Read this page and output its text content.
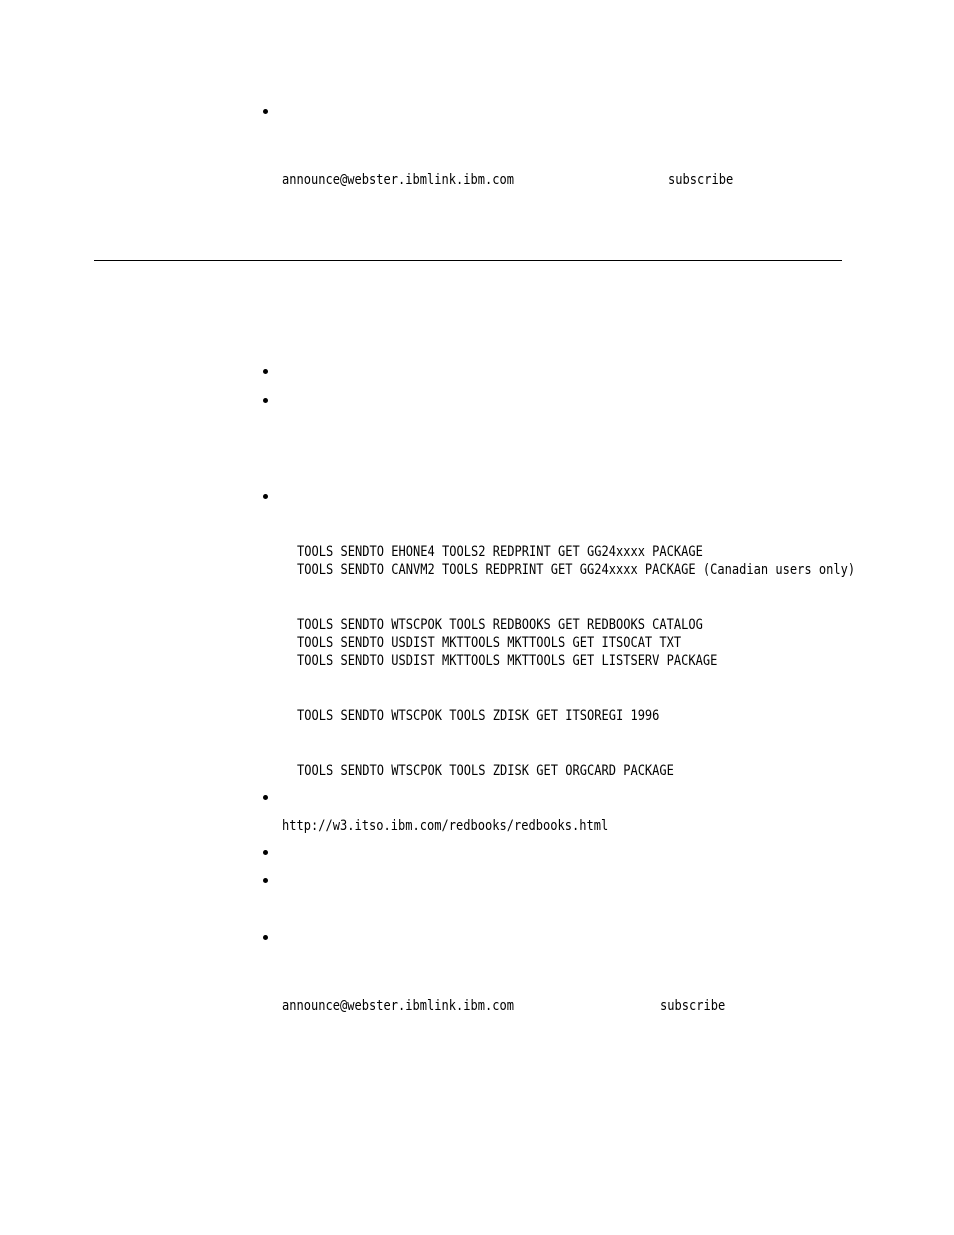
announce@webster.ibmlink.ibm.com	subscribe
TOOLS SENDTO EHONE4 TOOLS2 REDPRINT GET GG24xxxx PACKAGE
TOOLS SENDTO CANVM2 TOOLS REDPRINT GET GG24xxxx PACKAGE (Canadian users only)
TOOLS SENDTO WTSCPOK TOOLS REDBOOKS GET REDBOOKS CATALOG
TOOLS SENDTO USDIST MKTTOOLS MKTTOOLS GET ITSOCAT TXT
TOOLS SENDTO USDIST MKTTOOLS MKTTOOLS GET LISTSERV PACKAGE
TOOLS SENDTO WTSCPOK TOOLS ZDISK GET ITSOREGI 1996
TOOLS SENDTO WTSCPOK TOOLS ZDISK GET ORGCARD PACKAGE
http://w3.itso.ibm.com/redbooks/redbooks.html
announce@webster.ibmlink.ibm.com	subscribe
